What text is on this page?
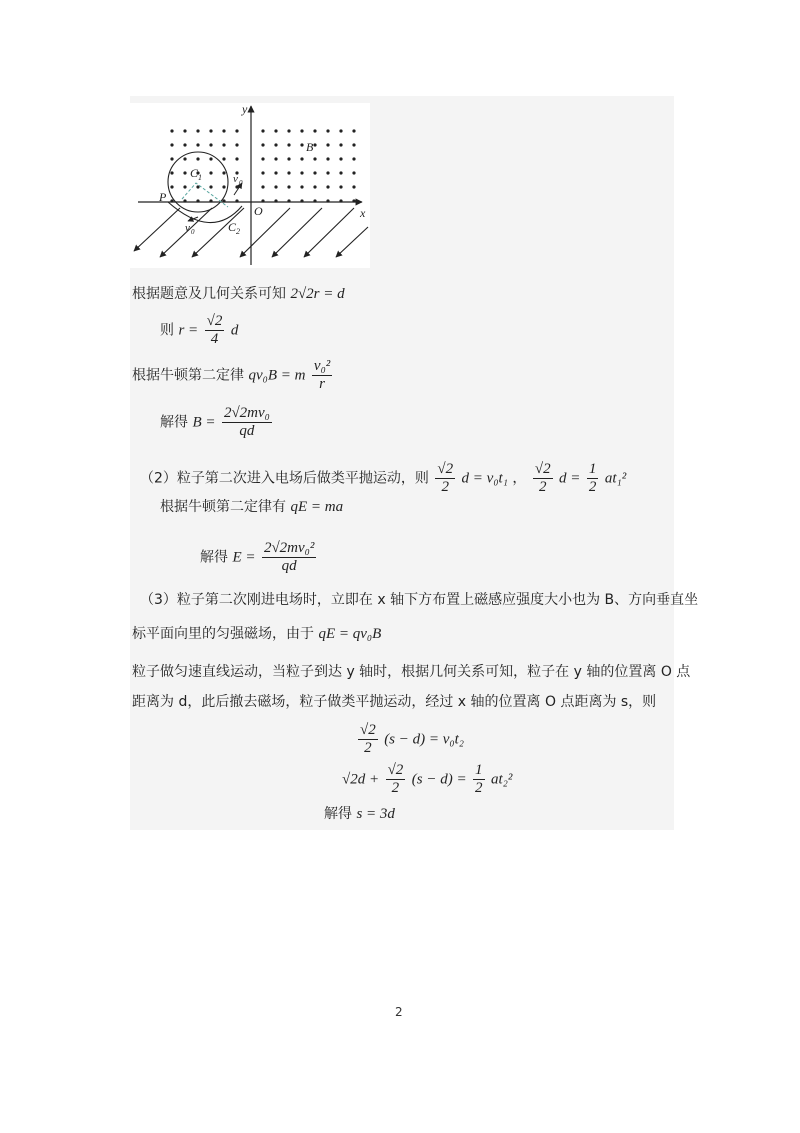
y
x
B
C 1
C 2
P
O
v 0
v 0
根据题意及几何关系可知 2√2r = d
则 $r = \frac{√2}{4}$ d
根据牛顿第二定律 qv₀B = m $\frac{\text{v₀²}}{r}$
解得 $B = \frac{\text{2√2mv₀}}{qd}$
（2）粒子第二次进入电场后做类平抛运动，则 $\frac{√2}{2}$ d = v₀t₁ ， $\frac{√2}{2}$ $d = \frac{1}{2} at_1^2$
根据牛顿第二定律有 qE = ma
解得 $E = \frac{\text{2√2mv₀²}}{qd}$
（3）粒子第二次刚进电场时，立即在 x 轴下方布置上磁感应强度大小也为 B、方向垂直坐
标平面向里的匀强磁场，由于 qE = qv₀B
粒子做匀速直线运动，当粒子到达 y 轴时，根据几何关系可知，粒子在 y 轴的位置离 O 点
距离为 d，此后撤去磁场，粒子做类平抛运动，经过 x 轴的位置离 O 点距离为 s，则
$\frac{√2}{2} (s - d) = v_0t_2$
$√2d + \frac{√2}{2} (s - d) = \frac{1}{2} at_2^2$
解得 s = 3d
2
